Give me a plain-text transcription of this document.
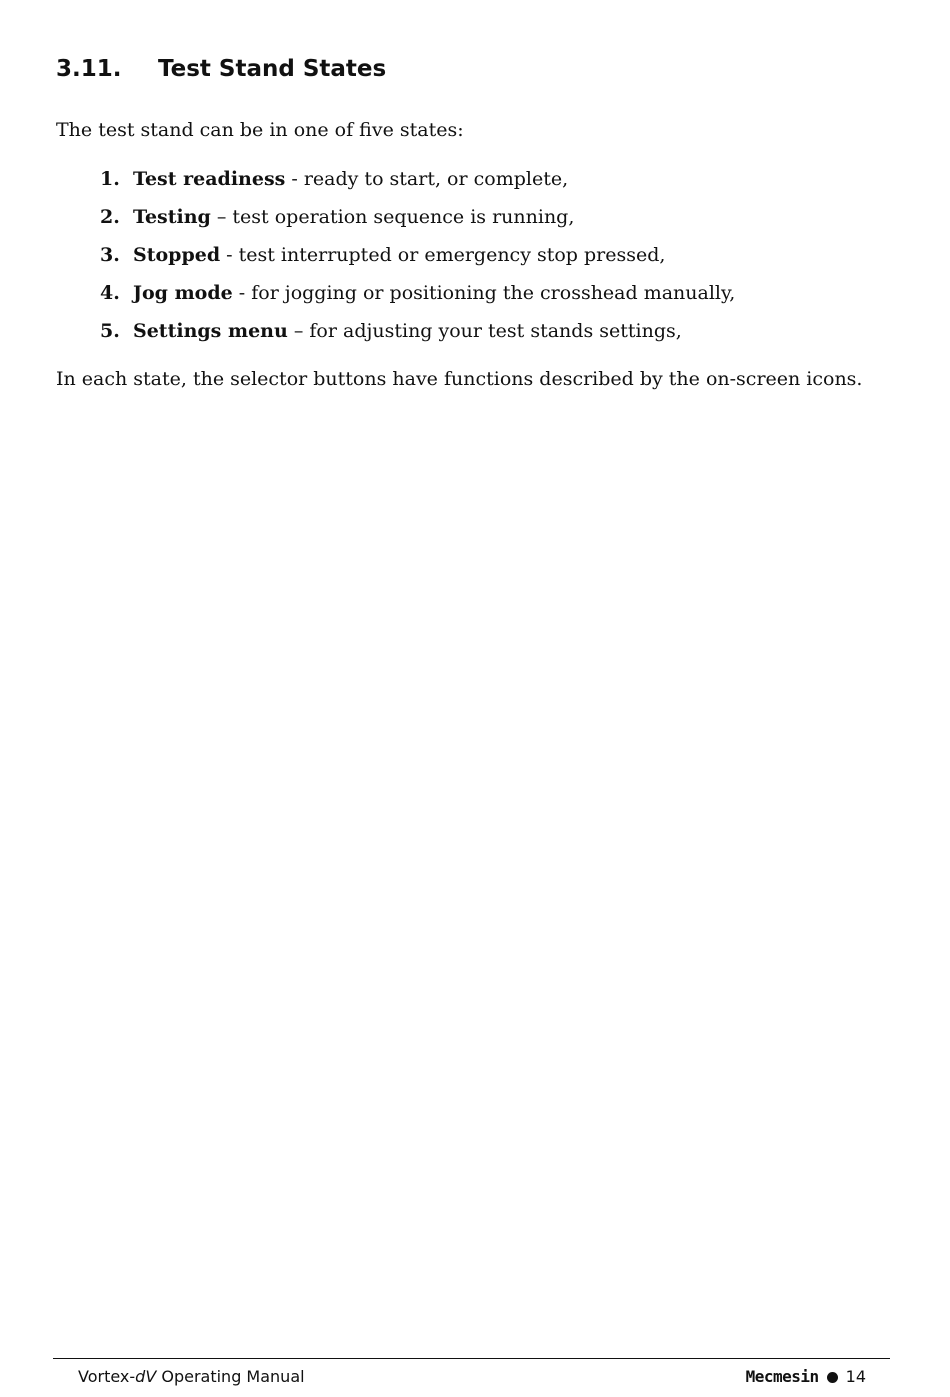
3.11. Test Stand States
The test stand can be in one of five states:
1. Test readiness - ready to start, or complete,
2. Testing – test operation sequence is running,
3. Stopped - test interrupted or emergency stop pressed,
4. Jog mode - for jogging or positioning the crosshead manually,
5. Settings menu – for adjusting your test stands settings,
In each state, the selector buttons have functions described by the on-screen icons.
Vortex-dV Operating Manual	Mecmesin 14
